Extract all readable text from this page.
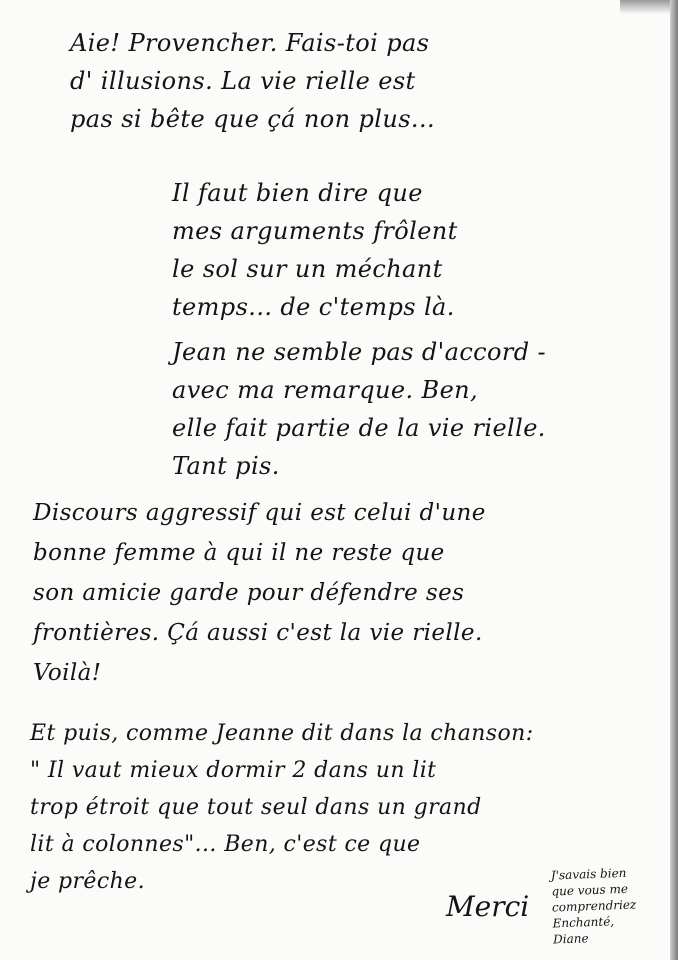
Aie! Provencher. Fais-toi pas
d' illusions. La vie rielle est
pas si bête que çá non plus...
Il faut bien dire que
mes arguments frôlent
le sol sur un méchant
temps... de c'temps là.
Jean ne semble pas d'accord -
avec ma remarque. Ben,
elle fait partie de la vie rielle.
Tant pis.
Discours aggressif qui est celui d'une
bonne femme à qui il ne reste que
son amicie garde pour défendre ses
frontières. Çá aussi c'est la vie rielle.
Voilà!
Et puis, comme Jeanne dit dans la chanson:
" Il vaut mieux dormir 2 dans un lit
trop étroit que tout seul dans un grand
lit à colonnes"... Ben, c'est ce que
je prêche.
Merci
J'savais bien
que vous me
comprendriez
Enchanté,
Diane
